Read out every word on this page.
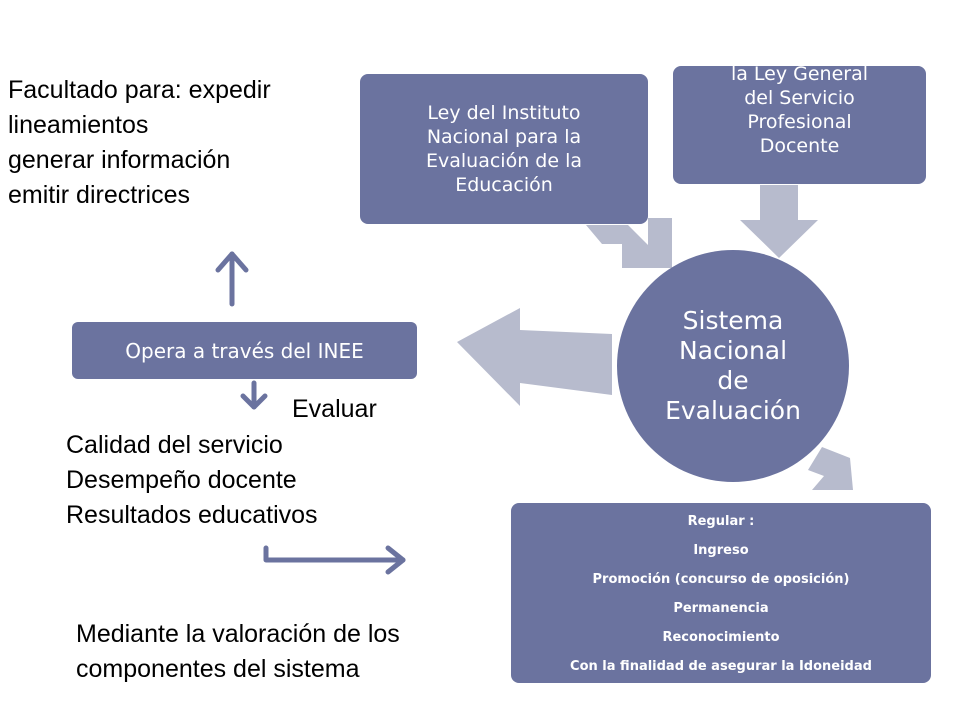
Facultado para: expedir
lineamientos
generar información
emitir directrices
Ley del Instituto
Nacional para la
Evaluación de la
Educación
la Ley General
del Servicio
Profesional
Docente
Sistema
Nacional
de
Evaluación
Opera a través del INEE
Evaluar
Calidad del servicio
Desempeño docente
Resultados educativos	Regular :
Ingreso
Promoción (concurso de oposición)
Permanencia
Reconocimiento
Con la finalidad de asegurar la Idoneidad
Mediante la valoración de los
componentes del sistema
